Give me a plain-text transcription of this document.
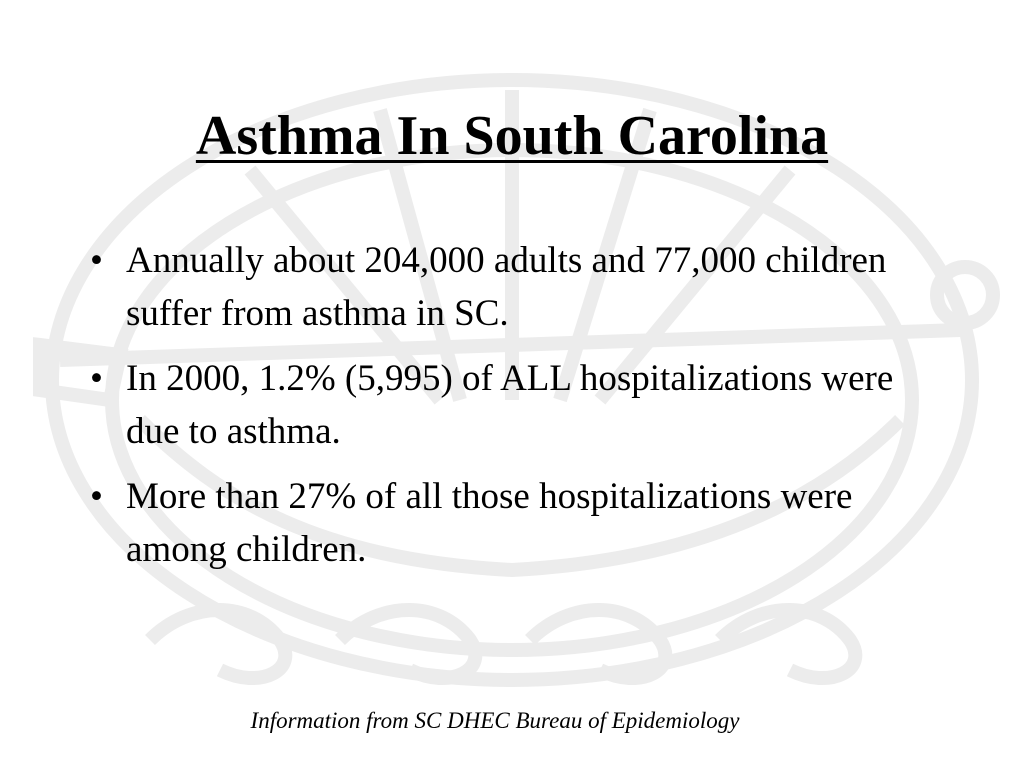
Asthma In South Carolina
• Annually about 204,000 adults and 77,000 children suffer from asthma in SC.
• In 2000, 1.2% (5,995) of ALL hospitalizations were due to asthma.
• More than 27% of all those hospitalizations were among children.
Information from SC DHEC Bureau of Epidemiology
